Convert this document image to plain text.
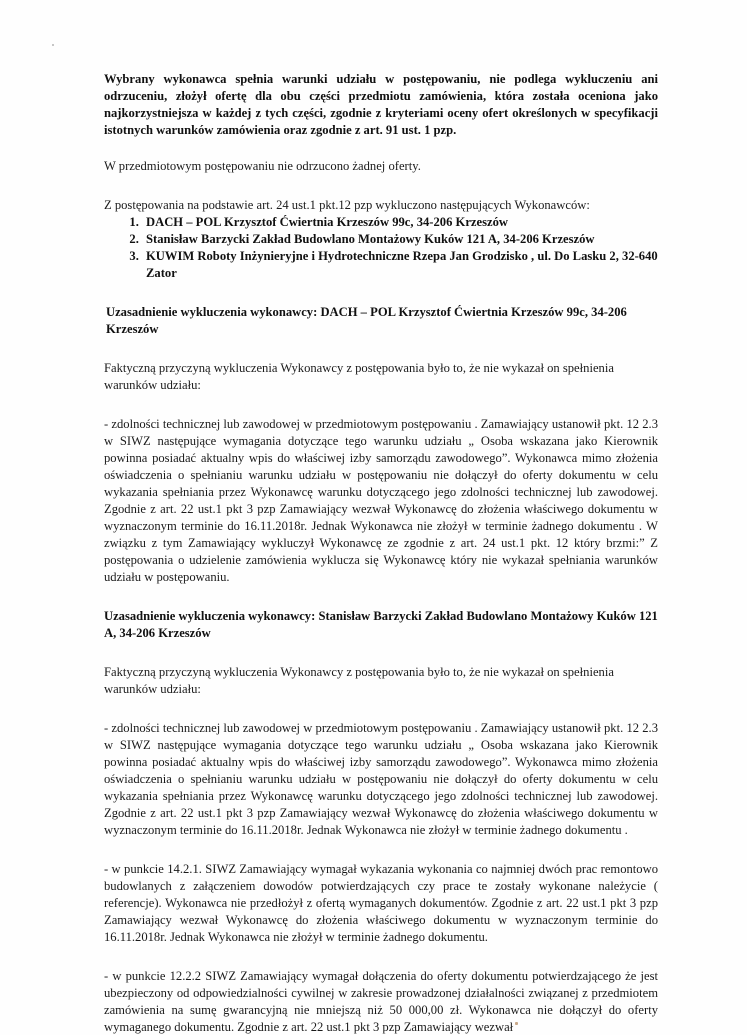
Wybrany wykonawca spełnia warunki udziału w postępowaniu, nie podlega wykluczeniu ani odrzuceniu, złożył ofertę dla obu części przedmiotu zamówienia, która została oceniona jako najkorzystniejsza w każdej z tych części, zgodnie z kryteriami oceny ofert określonych w specyfikacji istotnych warunków zamówienia oraz zgodnie z art. 91 ust. 1 pzp.

W przedmiotowym postępowaniu nie odrzucono żadnej oferty.

Z postępowania na podstawie art. 24 ust.1 pkt.12 pzp wykluczono następujących Wykonawców:

1. DACH – POL Krzysztof Ćwiertnia Krzeszów 99c, 34-206 Krzeszów
2. Stanisław Barzycki Zakład Budowlano Montażowy Kuków 121 A, 34-206 Krzeszów
3. KUWIM Roboty Inżynieryjne i Hydrotechniczne Rzepa Jan Grodzisko , ul. Do Lasku 2, 32-640 Zator

Uzasadnienie wykluczenia wykonawcy: DACH – POL Krzysztof Ćwiertnia Krzeszów 99c, 34-206 Krzeszów

Faktyczną przyczyną wykluczenia Wykonawcy z postępowania było to, że nie wykazał on spełnienia warunków udziału:

- zdolności technicznej lub zawodowej w przedmiotowym postępowaniu . Zamawiający ustanowił pkt. 12 2.3 w SIWZ następujące wymagania dotyczące tego warunku udziału „ Osoba wskazana jako Kierownik powinna posiadać aktualny wpis do właściwej izby samorządu zawodowego”. Wykonawca mimo złożenia oświadczenia o spełnianiu warunku udziału w postępowaniu nie dołączył do oferty dokumentu w celu wykazania spełniania przez Wykonawcę warunku dotyczącego jego zdolności technicznej lub zawodowej. Zgodnie z art. 22 ust.1 pkt 3 pzp Zamawiający wezwał Wykonawcę do złożenia właściwego dokumentu w wyznaczonym terminie do 16.11.2018r. Jednak Wykonawca nie złożył w terminie żadnego dokumentu . W związku z tym Zamawiający wykluczył Wykonawcę ze zgodnie z art. 24 ust.1 pkt. 12 który brzmi:” Z postępowania o udzielenie zamówienia wyklucza się Wykonawcę który nie wykazał spełniania warunków udziału w postępowaniu.

Uzasadnienie wykluczenia wykonawcy: Stanisław Barzycki Zakład Budowlano Montażowy Kuków 121 A, 34-206 Krzeszów

Faktyczną przyczyną wykluczenia Wykonawcy z postępowania było to, że nie wykazał on spełnienia warunków udziału:

- zdolności technicznej lub zawodowej w przedmiotowym postępowaniu . Zamawiający ustanowił pkt. 12 2.3 w SIWZ następujące wymagania dotyczące tego warunku udziału „ Osoba wskazana jako Kierownik powinna posiadać aktualny wpis do właściwej izby samorządu zawodowego”. Wykonawca mimo złożenia oświadczenia o spełnianiu warunku udziału w postępowaniu nie dołączył do oferty dokumentu w celu wykazania spełniania przez Wykonawcę warunku dotyczącego jego zdolności technicznej lub zawodowej. Zgodnie z art. 22 ust.1 pkt 3 pzp Zamawiający wezwał Wykonawcę do złożenia właściwego dokumentu w wyznaczonym terminie do 16.11.2018r. Jednak Wykonawca nie złożył w terminie żadnego dokumentu .

- w punkcie 14.2.1. SIWZ Zamawiający wymagał wykazania wykonania co najmniej dwóch prac remontowo budowlanych z załączeniem dowodów potwierdzających czy prace te zostały wykonane należycie ( referencje). Wykonawca nie przedłożył z ofertą wymaganych dokumentów. Zgodnie z art. 22 ust.1 pkt 3 pzp Zamawiający wezwał Wykonawcę do złożenia właściwego dokumentu w wyznaczonym terminie do 16.11.2018r. Jednak Wykonawca nie złożył w terminie żadnego dokumentu.

- w punkcie 12.2.2 SIWZ Zamawiający wymagał dołączenia do oferty dokumentu potwierdzającego że jest ubezpieczony od odpowiedzialności cywilnej w zakresie prowadzonej działalności związanej z przedmiotem zamówienia na sumę gwarancyjną nie mniejszą niż 50 000,00 zł. Wykonawca nie dołączył do oferty wymaganego dokumentu. Zgodnie z art. 22 ust.1 pkt 3 pzp Zamawiający wezwał
